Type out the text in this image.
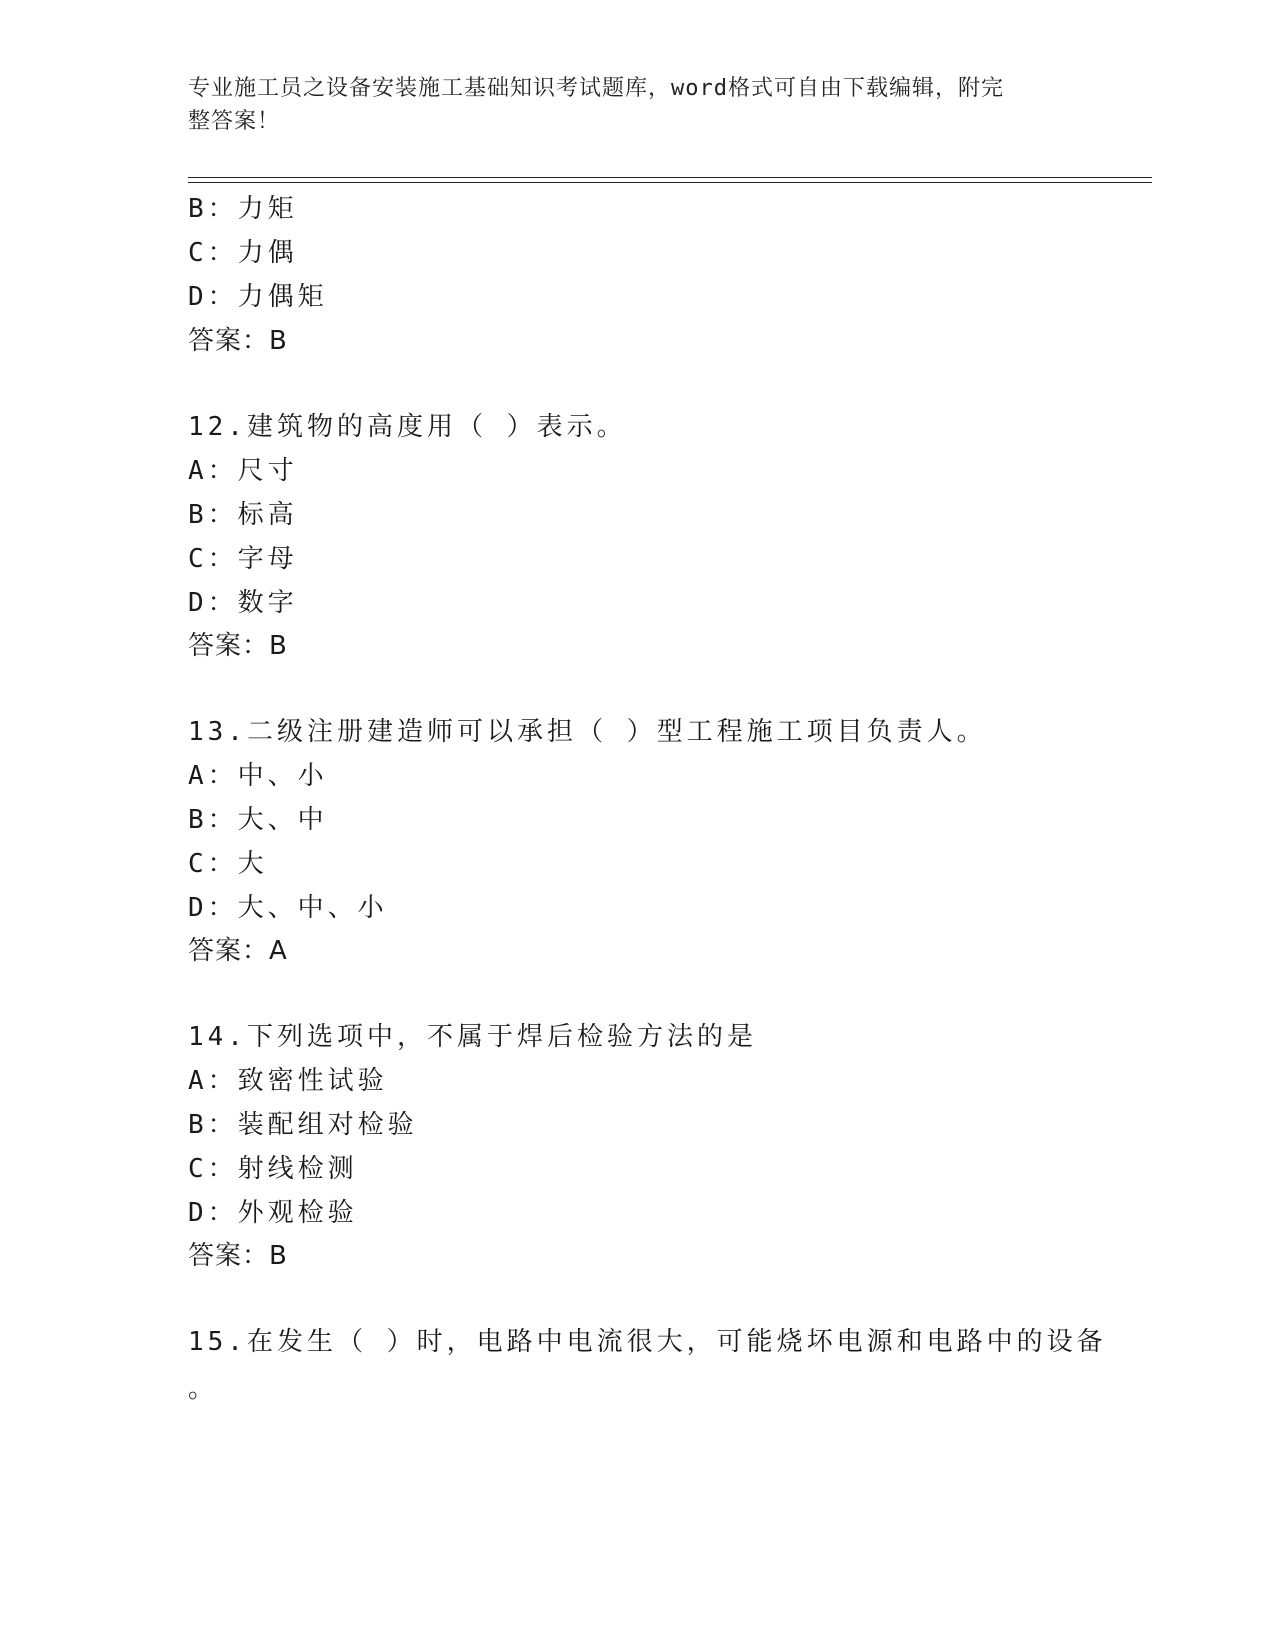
专业施工员之设备安装施工基础知识考试题库，word格式可自由下载编辑，附完
整答案！
B：力矩
C：力偶
D：力偶矩
答案：B
12.建筑物的高度用（ ）表示。
A：尺寸
B：标高
C：字母
D：数字
答案：B
13.二级注册建造师可以承担（ ）型工程施工项目负责人。
A：中、小
B：大、中
C：大
D：大、中、小
答案：A
14.下列选项中，不属于焊后检验方法的是
A：致密性试验
B：装配组对检验
C：射线检测
D：外观检验
答案：B
15.在发生（ ）时，电路中电流很大，可能烧坏电源和电路中的设备
。
